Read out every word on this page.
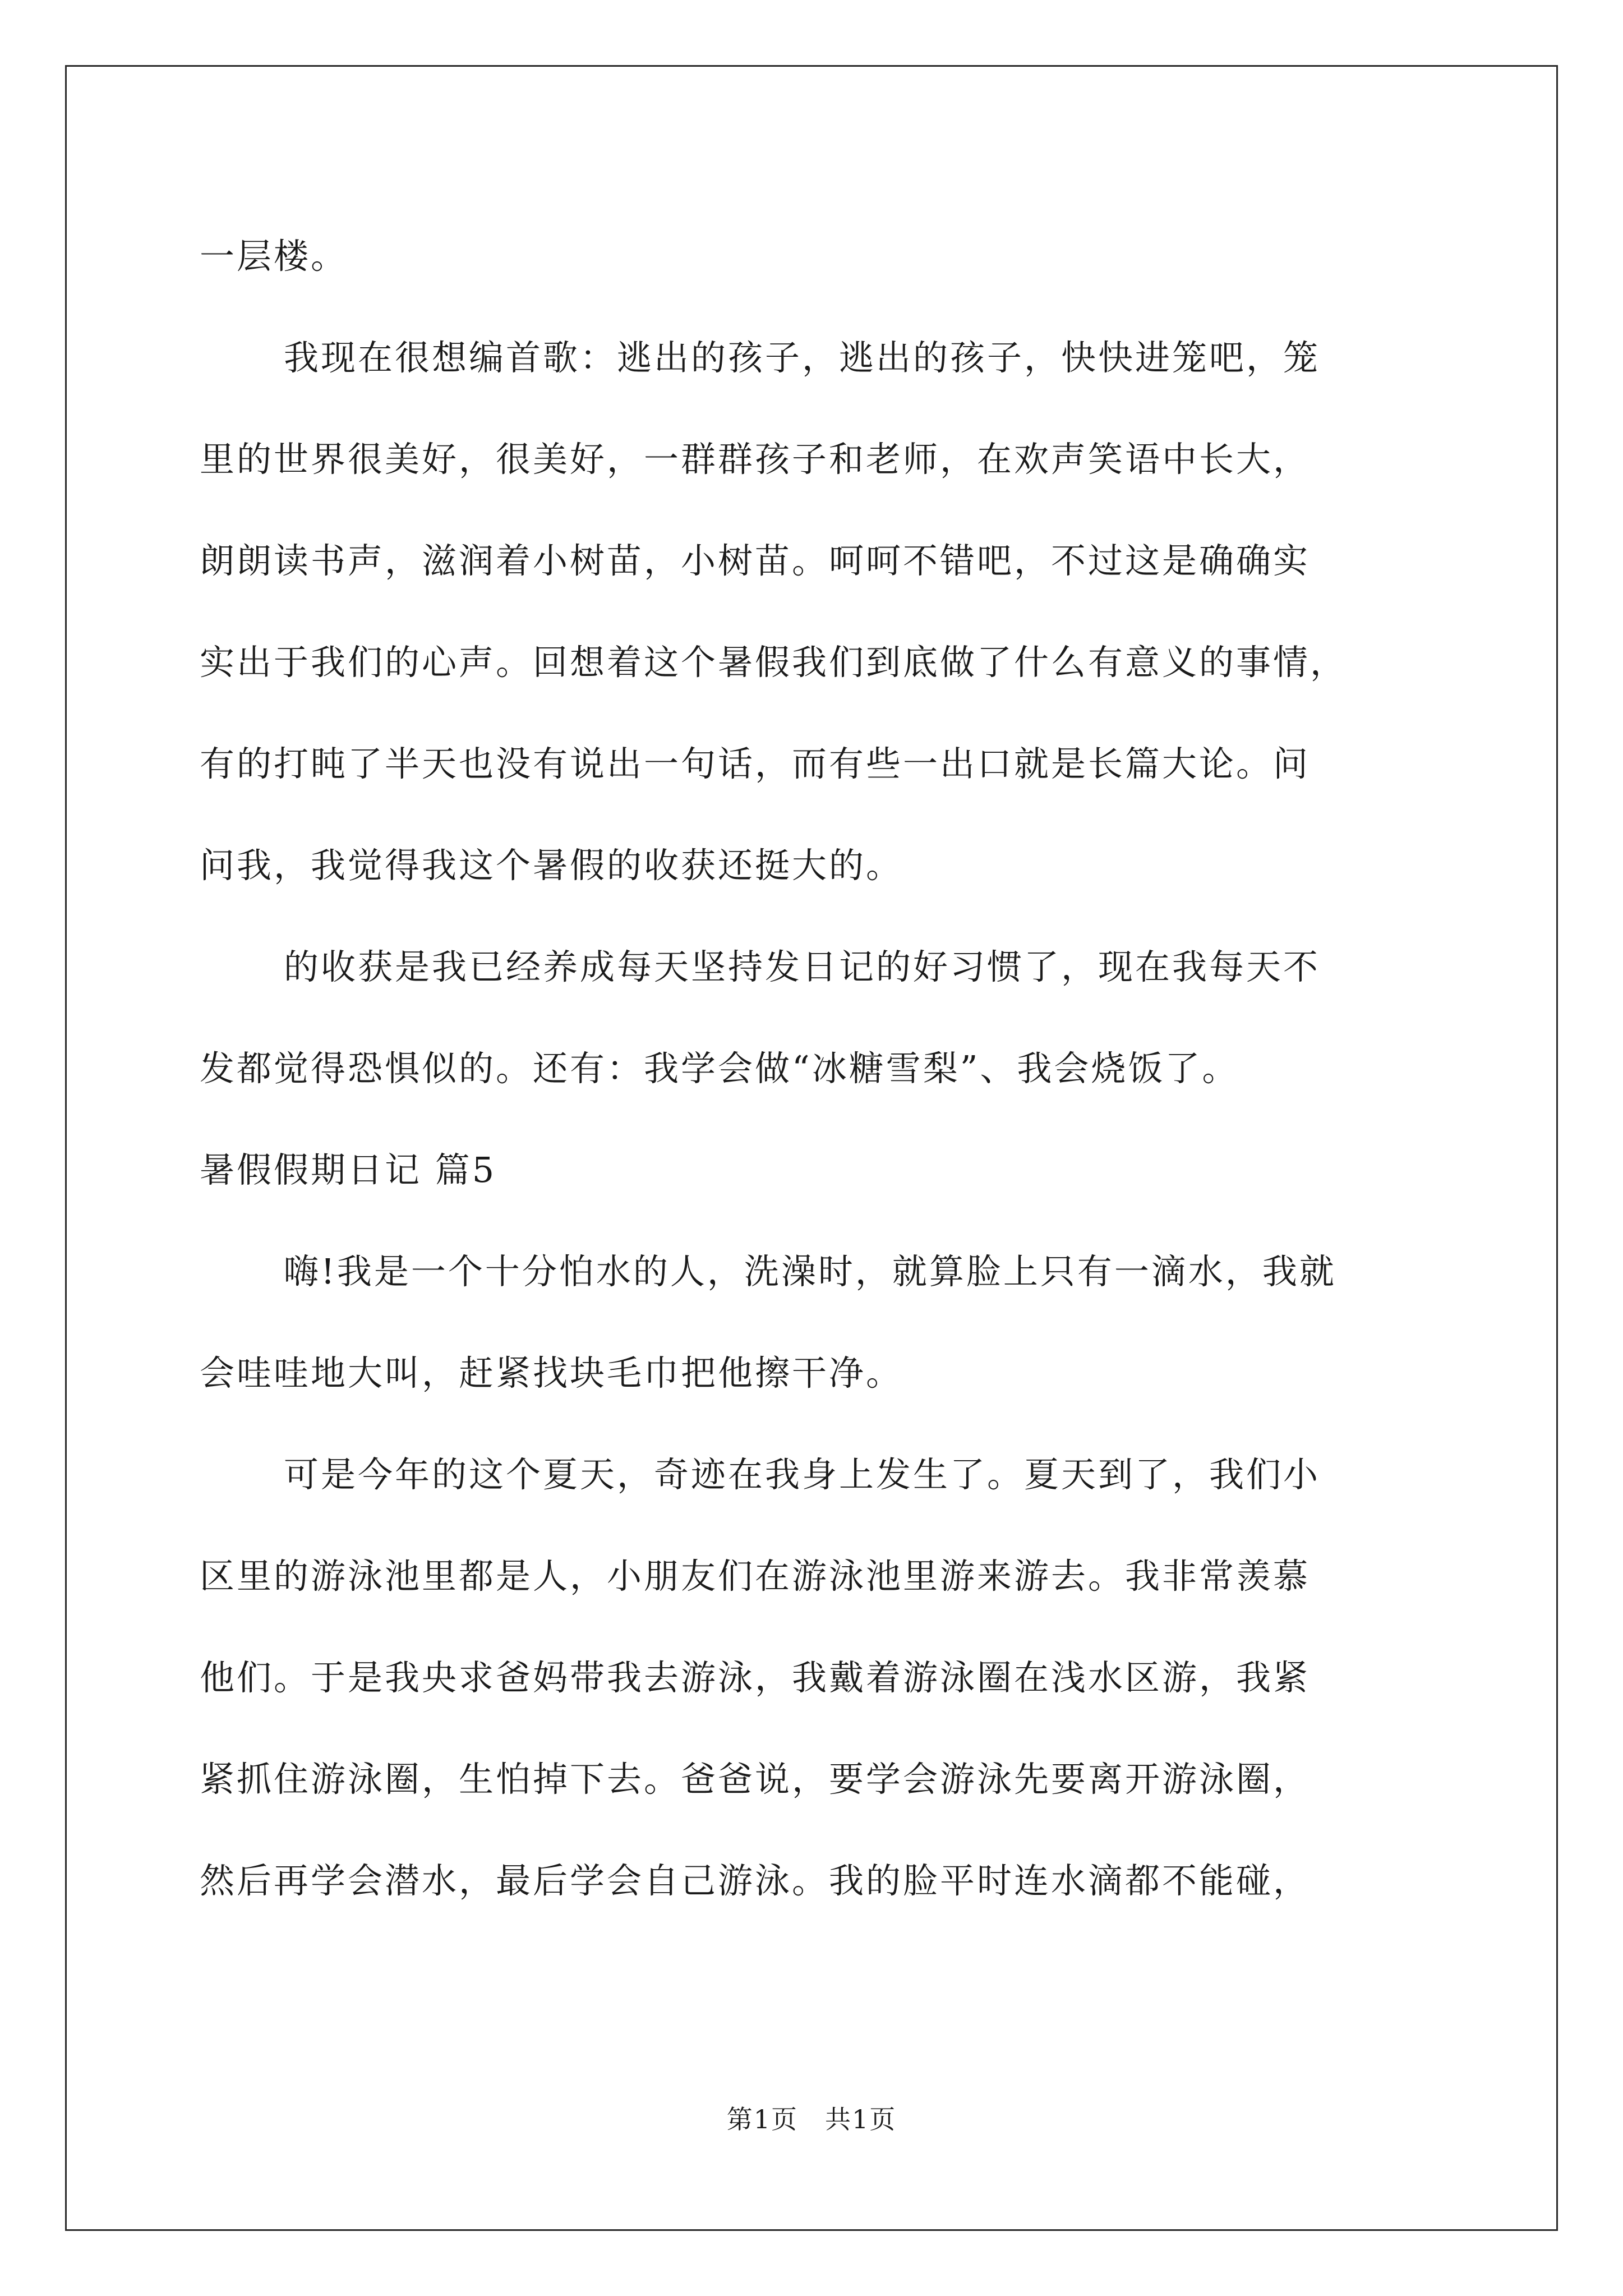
一层楼。
我现在很想编首歌：逃出的孩子，逃出的孩子，快快进笼吧，笼
里的世界很美好，很美好，一群群孩子和老师，在欢声笑语中长大，
朗朗读书声，滋润着小树苗，小树苗。呵呵不错吧，不过这是确确实
实出于我们的心声。回想着这个暑假我们到底做了什么有意义的事情，
有的打盹了半天也没有说出一句话，而有些一出口就是长篇大论。问
问我，我觉得我这个暑假的收获还挺大的。
的收获是我已经养成每天坚持发日记的好习惯了，现在我每天不
发都觉得恐惧似的。还有：我学会做“冰糖雪梨”、我会烧饭了。
暑假假期日记 篇5
嗨!我是一个十分怕水的人，洗澡时，就算脸上只有一滴水，我就
会哇哇地大叫，赶紧找块毛巾把他擦干净。
可是今年的这个夏天，奇迹在我身上发生了。夏天到了，我们小
区里的游泳池里都是人，小朋友们在游泳池里游来游去。我非常羡慕
他们。于是我央求爸妈带我去游泳，我戴着游泳圈在浅水区游，我紧
紧抓住游泳圈，生怕掉下去。爸爸说，要学会游泳先要离开游泳圈，
然后再学会潜水，最后学会自己游泳。我的脸平时连水滴都不能碰，
第1页　共1页
